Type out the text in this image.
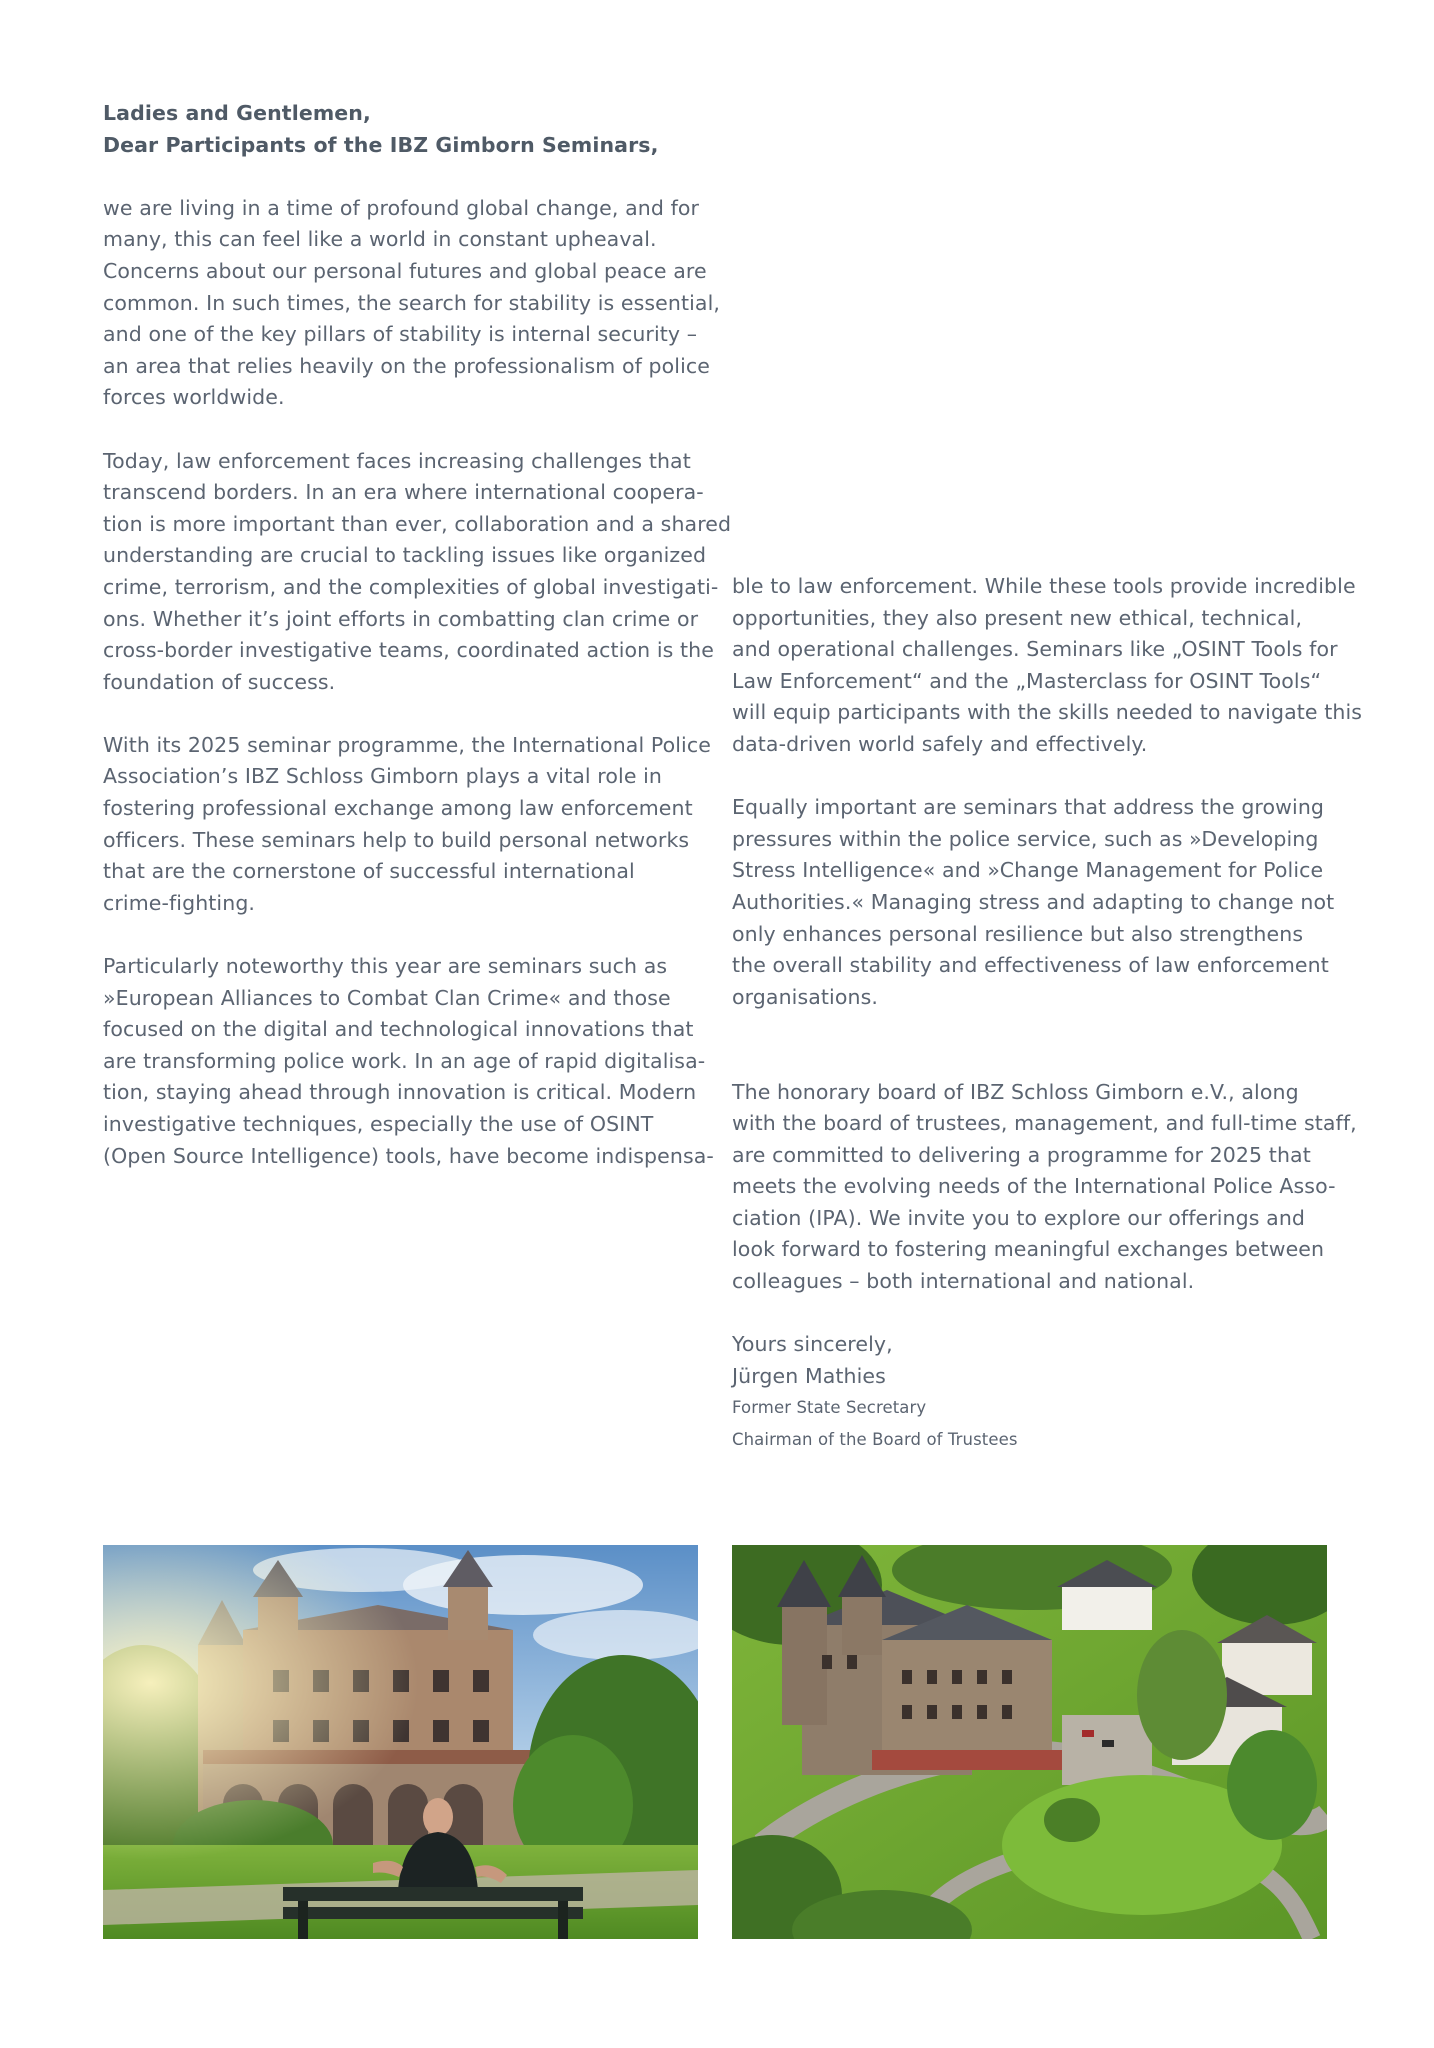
Ladies and Gentlemen,
Dear Participants of the IBZ Gimborn Seminars,
we are living in a time of profound global change, and for
many, this can feel like a world in constant upheaval.
Concerns about our personal futures and global peace are
common. In such times, the search for stability is essential,
and one of the key pillars of stability is internal security –
an area that relies heavily on the professionalism of police
forces worldwide.
Today, law enforcement faces increasing challenges that
transcend borders. In an era where international coopera-
tion is more important than ever, collaboration and a shared
understanding are crucial to tackling issues like organized
crime, terrorism, and the complexities of global investigati-
ons. Whether it’s joint efforts in combatting clan crime or
cross-border investigative teams, coordinated action is the
foundation of success.
With its 2025 seminar programme, the International Police
Association’s IBZ Schloss Gimborn plays a vital role in
fostering professional exchange among law enforcement
officers. These seminars help to build personal networks
that are the cornerstone of successful international
crime-fighting.
Particularly noteworthy this year are seminars such as
»European Alliances to Combat Clan Crime« and those
focused on the digital and technological innovations that
are transforming police work. In an age of rapid digitalisa-
tion, staying ahead through innovation is critical. Modern
investigative techniques, especially the use of OSINT
(Open Source Intelligence) tools, have become indispensa-
ble to law enforcement. While these tools provide incredible
opportunities, they also present new ethical, technical,
and operational challenges. Seminars like „OSINT Tools for
Law Enforcement“ and the „Masterclass for OSINT Tools“
will equip participants with the skills needed to navigate this
data-driven world safely and effectively.
Equally important are seminars that address the growing
pressures within the police service, such as »Developing
Stress Intelligence« and »Change Management for Police
Authorities.« Managing stress and adapting to change not
only enhances personal resilience but also strengthens
the overall stability and effectiveness of law enforcement
organisations.
The honorary board of IBZ Schloss Gimborn e.V., along
with the board of trustees, management, and full-time staff,
are committed to delivering a programme for 2025 that
meets the evolving needs of the International Police Asso-
ciation (IPA). We invite you to explore our offerings and
look forward to fostering meaningful exchanges between
colleagues – both international and national.
Yours sincerely,
Jürgen Mathies
Former State Secretary
Chairman of the Board of Trustees
